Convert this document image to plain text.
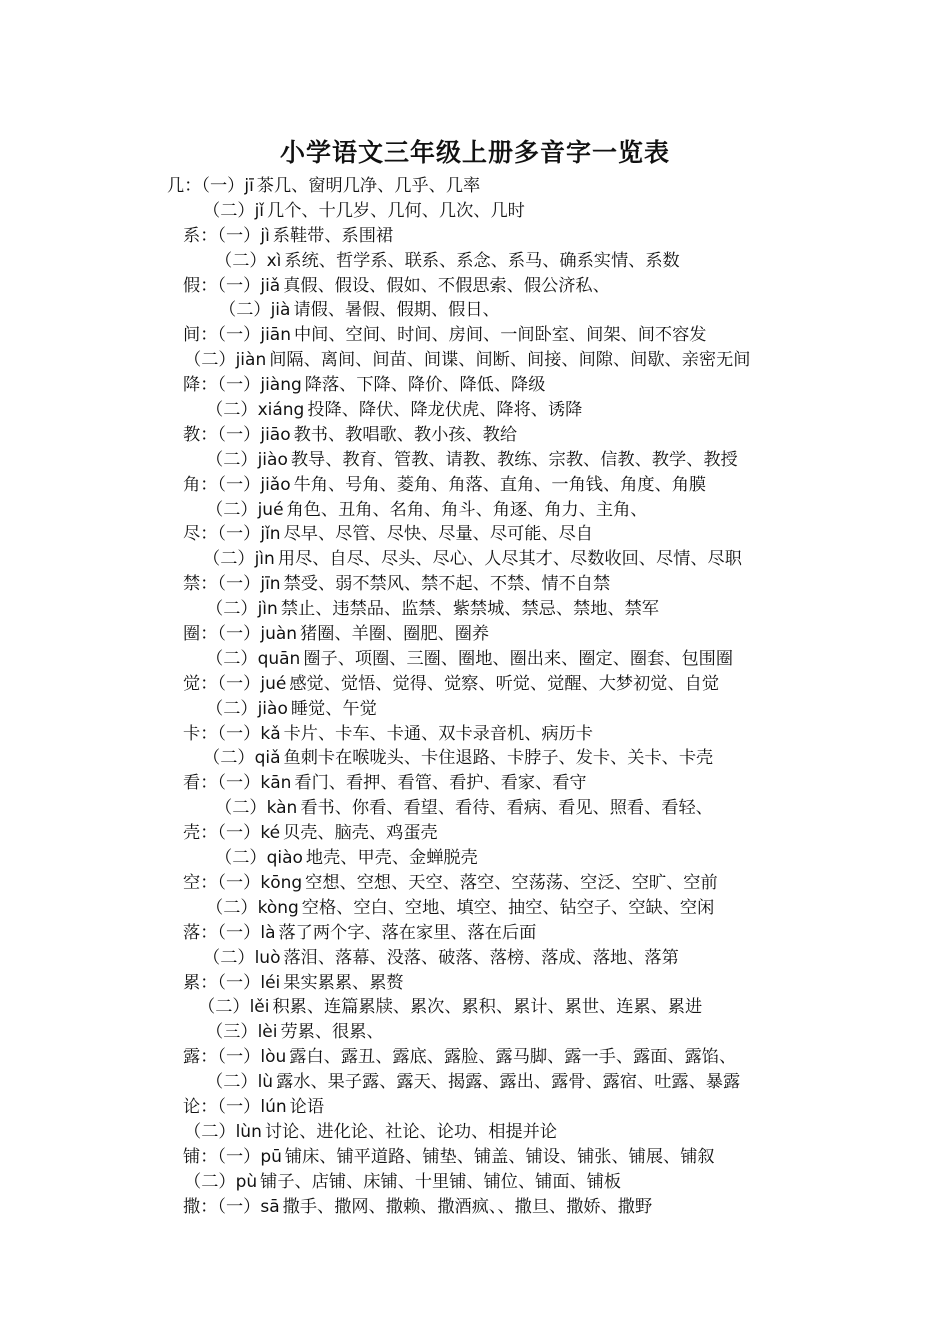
小学语文三年级上册多音字一览表
几：（一）jī 茶几、窗明几净、几乎、几率
（二）jǐ 几个、十几岁、几何、几次、几时
系：（一）jì 系鞋带、系围裙
（二）xì 系统、哲学系、联系、系念、系马、确系实情、系数
假：（一）jiǎ 真假、假设、假如、不假思索、假公济私、
（二）jià 请假、暑假、假期、假日、
间：（一）jiān 中间、空间、时间、房间、一间卧室、间架、间不容发
（二）jiàn 间隔、离间、间苗、间谍、间断、间接、间隙、间歇、亲密无间
降：（一）jiàng 降落、下降、降价、降低、降级
（二）xiáng 投降、降伏、降龙伏虎、降将、诱降
教：（一）jiāo 教书、教唱歌、教小孩、教给
（二）jiào 教导、教育、管教、请教、教练、宗教、信教、教学、教授
角：（一）jiǎo 牛角、号角、菱角、角落、直角、一角钱、角度、角膜
（二）jué 角色、丑角、名角、角斗、角逐、角力、主角、
尽：（一）jǐn 尽早、尽管、尽快、尽量、尽可能、尽自
（二）jìn 用尽、自尽、尽头、尽心、人尽其才、尽数收回、尽情、尽职
禁：（一）jīn 禁受、弱不禁风、禁不起、不禁、情不自禁
（二）jìn 禁止、违禁品、监禁、紫禁城、禁忌、禁地、禁军
圈：（一）juàn 猪圈、羊圈、圈肥、圈养
（二）quān 圈子、项圈、三圈、圈地、圈出来、圈定、圈套、包围圈
觉：（一）jué 感觉、觉悟、觉得、觉察、听觉、觉醒、大梦初觉、自觉
（二）jiào 睡觉、午觉
卡：（一）kǎ 卡片、卡车、卡通、双卡录音机、病历卡
（二）qiǎ 鱼刺卡在喉咙头、卡住退路、卡脖子、发卡、关卡、卡壳
看：（一）kān 看门、看押、看管、看护、看家、看守
（二）kàn 看书、你看、看望、看待、看病、看见、照看、看轻、
壳：（一）ké 贝壳、脑壳、鸡蛋壳
（二）qiào 地壳、甲壳、金蝉脱壳
空：（一）kōng 空想、空想、天空、落空、空荡荡、空泛、空旷、空前
（二）kòng 空格、空白、空地、填空、抽空、钻空子、空缺、空闲
落：（一）là 落了两个字、落在家里、落在后面
（二）luò 落泪、落幕、没落、破落、落榜、落成、落地、落第
累：（一）léi 果实累累、累赘
（二）lěi 积累、连篇累牍、累次、累积、累计、累世、连累、累进
（三）lèi 劳累、很累、
露：（一）lòu 露白、露丑、露底、露脸、露马脚、露一手、露面、露馅、
（二）lù 露水、果子露、露天、揭露、露出、露骨、露宿、吐露、暴露
论：（一）lún 论语
（二）lùn 讨论、进化论、社论、论功、相提并论
铺：（一）pū 铺床、铺平道路、铺垫、铺盖、铺设、铺张、铺展、铺叙
（二）pù 铺子、店铺、床铺、十里铺、铺位、铺面、铺板
撒：（一）sā 撒手、撒网、撒赖、撒酒疯、、撒旦、撒娇、撒野
